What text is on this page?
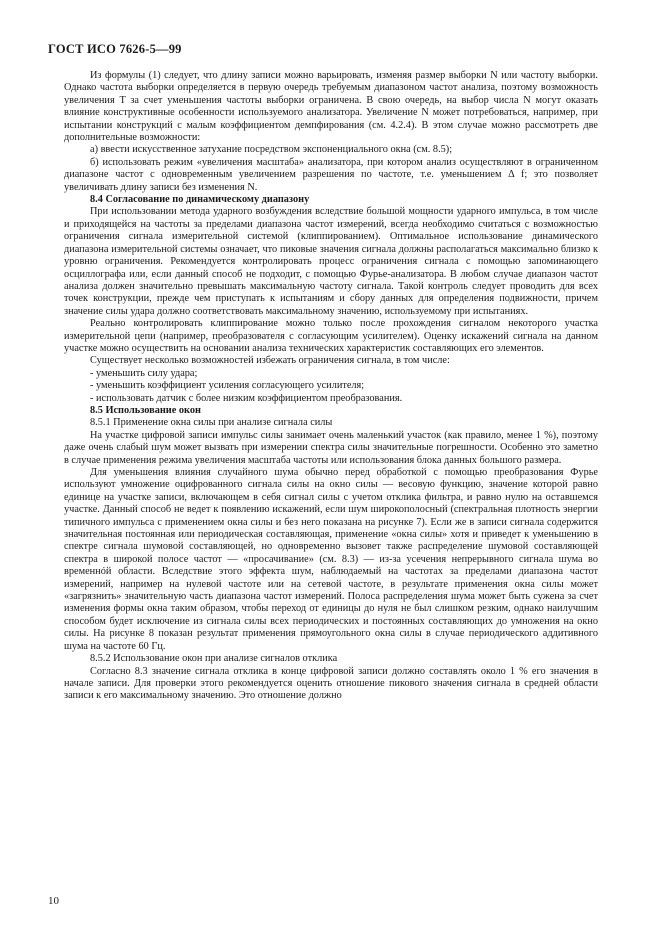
ГОСТ ИСО 7626-5—99

Из формулы (1) следует, что длину записи можно варьировать, изменяя размер выборки N или частоту выборки. Однако частота выборки определяется в первую очередь требуемым диапазоном частот анализа, поэтому возможность увеличения T за счет уменьшения частоты выборки ограничена. В свою очередь, на выбор числа N могут оказать влияние конструктивные особенности используемого анализатора. Увеличение N может потребоваться, например, при испытании конструкций с малым коэффициентом демпфирования (см. 4.2.4). В этом случае можно рассмотреть две дополнительные возможности:

а) ввести искусственное затухание посредством экспоненциального окна (см. 8.5);

б) использовать режим «увеличения масштаба» анализатора, при котором анализ осуществляют в ограниченном диапазоне частот с одновременным увеличением разрешения по частоте, т.е. уменьшением Δ f; это позволяет увеличивать длину записи без изменения N.

8.4 Согласование по динамическому диапазону

При использовании метода ударного возбуждения вследствие большой мощности ударного импульса, в том числе и приходящейся на частоты за пределами диапазона частот измерений, всегда необходимо считаться с возможностью ограничения сигнала измерительной системой (клиппированием). Оптимальное использование динамического диапазона измерительной системы означает, что пиковые значения сигнала должны располагаться максимально близко к уровню ограничения. Рекомендуется контролировать процесс ограничения сигнала с помощью запоминающего осциллографа или, если данный способ не подходит, с помощью Фурье-анализатора. В любом случае диапазон частот анализа должен значительно превышать максимальную частоту сигнала. Такой контроль следует проводить для всех точек конструкции, прежде чем приступать к испытаниям и сбору данных для определения подвижности, причем значение силы удара должно соответствовать максимальному значению, используемому при испытаниях.

Реально контролировать клиппирование можно только после прохождения сигналом некоторого участка измерительной цепи (например, преобразователя с согласующим усилителем). Оценку искажений сигнала на данном участке можно осуществить на основании анализа технических характеристик составляющих его элементов.

Существует несколько возможностей избежать ограничения сигнала, в том числе:

- уменьшить силу удара;

- уменьшить коэффициент усиления согласующего усилителя;

- использовать датчик с более низким коэффициентом преобразования.

8.5 Использование окон

8.5.1 Применение окна силы при анализе сигнала силы

На участке цифровой записи импульс силы занимает очень маленький участок (как правило, менее 1 %), поэтому даже очень слабый шум может вызвать при измерении спектра силы значительные погрешности. Особенно это заметно в случае применения режима увеличения масштаба частоты или использования блока данных большого размера.

Для уменьшения влияния случайного шума обычно перед обработкой с помощью преобразования Фурье используют умножение оцифрованного сигнала силы на окно силы — весовую функцию, значение которой равно единице на участке записи, включающем в себя сигнал силы с учетом отклика фильтра, и равно нулю на оставшемся участке. Данный способ не ведет к появлению искажений, если шум широкополосный (спектральная плотность энергии типичного импульса с применением окна силы и без него показана на рисунке 7). Если же в записи сигнала содержится значительная постоянная или периодическая составляющая, применение «окна силы» хотя и приведет к уменьшению в спектре сигнала шумовой составляющей, но одновременно вызовет также распределение шумовой составляющей спектра в широкой полосе частот — «просачивание» (см. 8.3) — из-за усечения непрерывного сигнала шума во временнóй области. Вследствие этого эффекта шум, наблюдаемый на частотах за пределами диапазона частот измерений, например на нулевой частоте или на сетевой частоте, в результате применения окна силы может «загрязнить» значительную часть диапазона частот измерений. Полоса распределения шума может быть сужена за счет изменения формы окна таким образом, чтобы переход от единицы до нуля не был слишком резким, однако наилучшим способом будет исключение из сигнала силы всех периодических и постоянных составляющих до умножения на окно силы. На рисунке 8 показан результат применения прямоугольного окна силы в случае периодического аддитивного шума на частоте 60 Гц.

8.5.2 Использование окон при анализе сигналов отклика

Согласно 8.3 значение сигнала отклика в конце цифровой записи должно составлять около 1 % его значения в начале записи. Для проверки этого рекомендуется оценить отношение пикового значения сигнала в средней области записи к его максимальному значению. Это отношение должно

10
